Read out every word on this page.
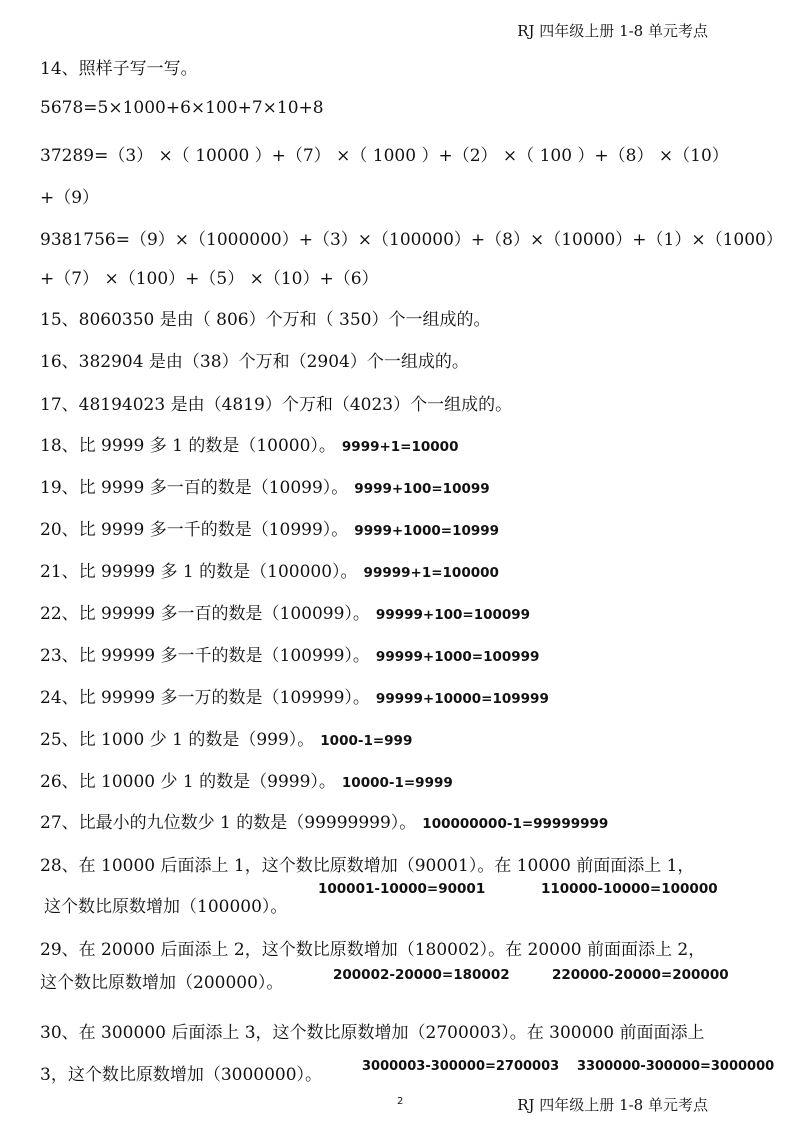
RJ 四年级上册 1-8 单元考点
14、照样子写一写。
5678=5×1000+6×100+7×10+8
37289=（3） ×（ 10000 ）+（7） ×（ 1000 ）+（2） ×（ 100 ）+（8） ×（10）
+（9）
9381756=（9）×（1000000）+（3）×（100000）+（8）×（10000）+（1）×（1000）
+（7） ×（100）+（5） ×（10）+（6）
15、8060350 是由（ 806）个万和（ 350）个一组成的。
16、382904 是由（38）个万和（2904）个一组成的。
17、48194023 是由（4819）个万和（4023）个一组成的。
18、比 9999 多 1 的数是（10000）。 9999+1=10000
19、比 9999 多一百的数是（10099）。 9999+100=10099
20、比 9999 多一千的数是（10999）。 9999+1000=10999
21、比 99999 多 1 的数是（100000）。 99999+1=100000
22、比 99999 多一百的数是（100099）。 99999+100=100099
23、比 99999 多一千的数是（100999）。 99999+1000=100999
24、比 99999 多一万的数是（109999）。 99999+10000=109999
25、比 1000 少 1 的数是（999）。 1000-1=999
26、比 10000 少 1 的数是（9999）。 10000-1=9999
27、比最小的九位数少 1 的数是（99999999）。 100000000-1=99999999
28、在 10000 后面添上 1，这个数比原数增加（90001）。在 10000 前面面添上 1，
这个数比原数增加（100000）。
100001-10000=90001	110000-10000=100000
29、在 20000 后面添上 2，这个数比原数增加（180002）。在 20000 前面面添上 2，
这个数比原数增加（200000）。	200002-20000=180002	220000-20000=200000
30、在 300000 后面添上 3，这个数比原数增加（2700003）。在 300000 前面面添上
3，这个数比原数增加（3000000）。	3000003-300000=2700003 3300000-300000=3000000
2	RJ 四年级上册 1-8 单元考点
